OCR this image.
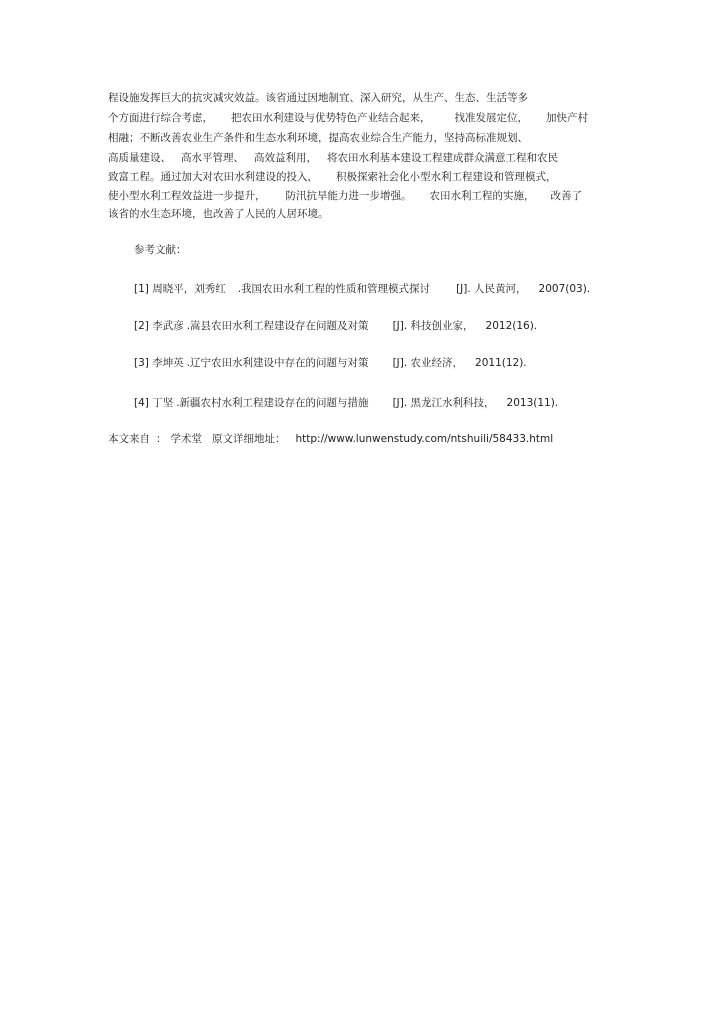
程设施发挥巨大的抗灾减灾效益。该省通过因地制宜、深入研究，从生产、生态、生活等多
个方面进行综合考虑， 把农田水利建设与优势特色产业结合起来， 找准发展定位， 加快产村
相融；不断改善农业生产条件和生态水利环境，提高农业综合生产能力，坚持高标准规划、
高质量建设、 高水平管理、 高效益利用， 将农田水利基本建设工程建成群众满意工程和农民
致富工程。通过加大对农田水利建设的投入， 积极探索社会化小型水利工程建设和管理模式，
使小型水利工程效益进一步提升， 防汛抗旱能力进一步增强。 农田水利工程的实施， 改善了
该省的水生态环境，也改善了人民的人居环境。
参考文献：
[1] 周晓平，刘秀红 .我国农田水利工程的性质和管理模式探讨 [J]. 人民黄河， 2007(03).
[2] 李武彦 .嵩县农田水利工程建设存在问题及对策 [J]. 科技创业家， 2012(16).
[3] 李坤英 .辽宁农田水利建设中存在的问题与对策 [J]. 农业经济， 2011(12).
[4] 丁坚 .新疆农村水利工程建设存在的问题与措施 [J]. 黑龙江水利科技， 2013(11).
本文来自 ： 学术堂 原文详细地址： http://www.lunwenstudy.com/ntshuili/58433.html
